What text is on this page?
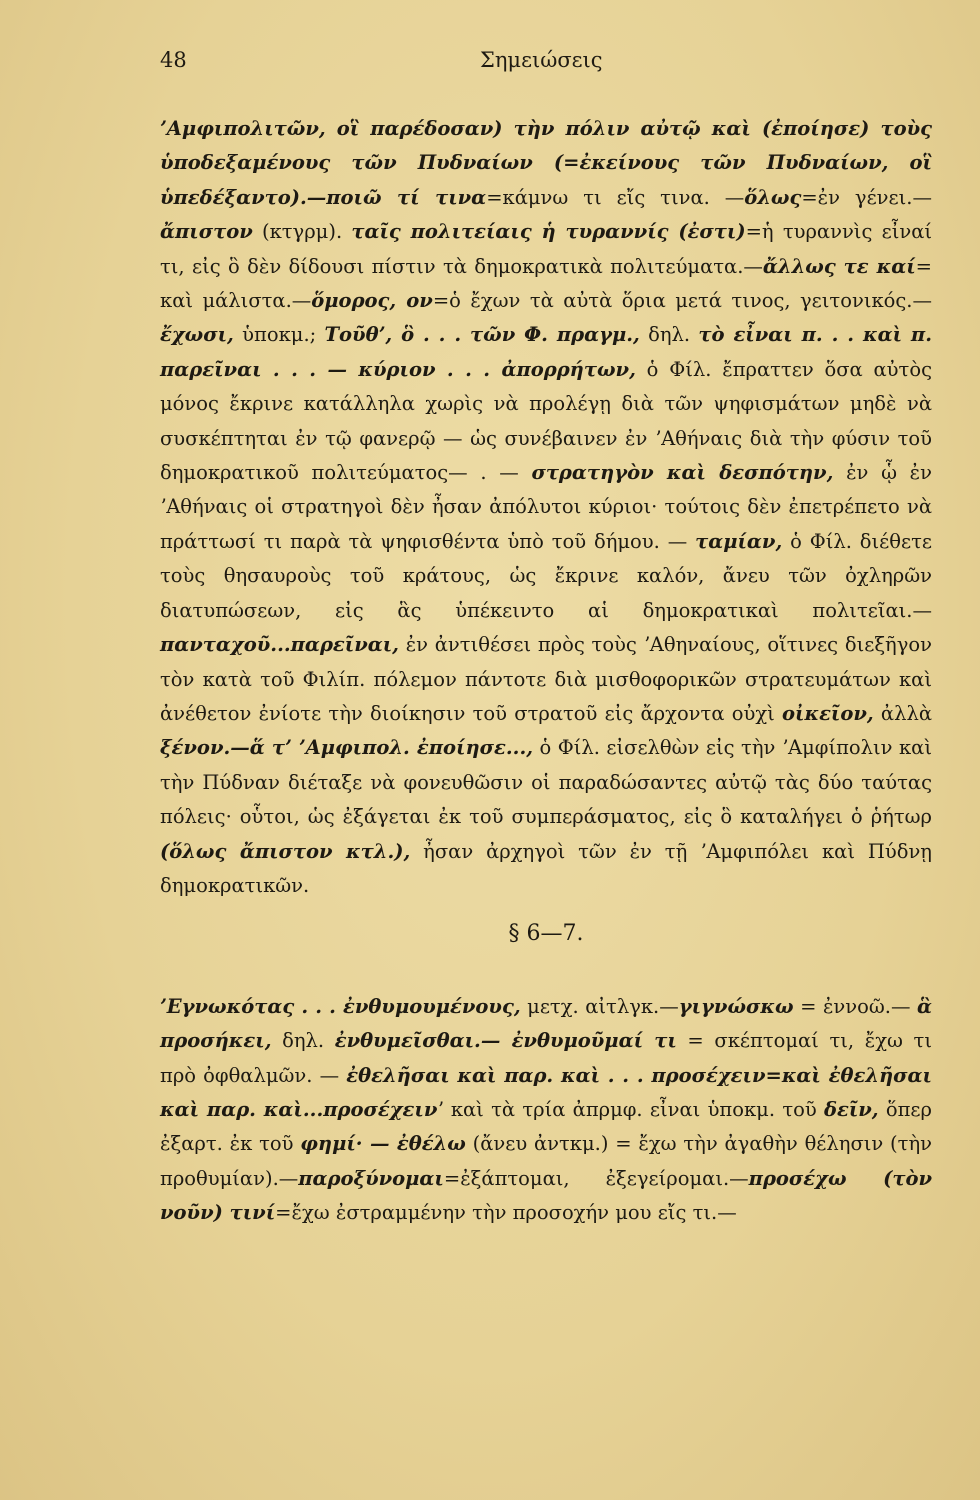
48	Σημειώσεις

ʼΑμφιπολιτῶν, οἳ παρέδοσαν) τὴν πόλιν αὐτῷ καὶ (ἐποίησε) τοὺς ὑποδεξαμένους τῶν Πυδναίων (=ἐκείνους τῶν Πυδναίων, οἳ ὑπεδέξαντο).—ποιῶ τί τινα=κάμνω τι εἴς τινα. —ὅλως=ἐν γένει.—ἄπιστον (κτγρμ). ταῖς πολιτείαις ἡ τυραννίς (ἐστι)=ἡ τυραννὶς εἶναί τι, εἰς ὃ δὲν δίδουσι πίστιν τὰ δημοκρατικὰ πολιτεύματα.—ἄλλως τε καί= καὶ μάλιστα.—ὅμορος, ον=ὁ ἔχων τὰ αὐτὰ ὅρια μετά τινος, γειτονικός.—ἔχωσι, ὑποκμ.; Τοῦθʼ, ὃ . . . τῶν Φ. πραγμ., δηλ. τὸ εἶναι π. . . καὶ π. παρεῖναι . . . — κύριον . . . ἀπορρήτων, ὁ Φίλ. ἔπραττεν ὅσα αὐτὸς μόνος ἔκρινε κατάλληλα χωρὶς νὰ προλέγῃ διὰ τῶν ψηφισμάτων μηδὲ νὰ συσκέπτηται ἐν τῷ φανερῷ — ὡς συνέβαινεν ἐν ʼΑθήναις διὰ τὴν φύσιν τοῦ δημοκρατικοῦ πολιτεύματος— . — στρατηγὸν καὶ δεσπότην, ἐν ᾧ ἐν ʼΑθήναις οἱ στρατηγοὶ δὲν ἦσαν ἀπόλυτοι κύριοι· τούτοις δὲν ἐπετρέπετο νὰ πράττωσί τι παρὰ τὰ ψηφισθέντα ὑπὸ τοῦ δήμου. — ταμίαν, ὁ Φίλ. διέθετε τοὺς θησαυροὺς τοῦ κράτους, ὡς ἔκρινε καλόν, ἄνευ τῶν ὀχληρῶν διατυπώσεων, εἰς ἃς ὑπέκειντο αἱ δημοκρατικαὶ πολιτεῖαι.—πανταχοῦ...παρεῖναι, ἐν ἀντιθέσει πρὸς τοὺς ʼΑθηναίους, οἵτινες διεξῆγον τὸν κατὰ τοῦ Φιλίπ. πόλεμον πάντοτε διὰ μισθοφορικῶν στρατευμάτων καὶ ἀνέθετον ἐνίοτε τὴν διοίκησιν τοῦ στρατοῦ εἰς ἄρχοντα οὐχὶ οἰκεῖον, ἀλλὰ ξένον.—ἅ τʼ ʼΑμφιπολ. ἐποίησε..., ὁ Φίλ. εἰσελθὼν εἰς τὴν ʼΑμφίπολιν καὶ τὴν Πύδναν διέταξε νὰ φονευθῶσιν οἱ παραδώσαντες αὐτῷ τὰς δύο ταύτας πόλεις· οὗτοι, ὡς ἐξάγεται ἐκ τοῦ συμπεράσματος, εἰς ὃ καταλήγει ὁ ῥήτωρ (ὅλως ἄπιστον κτλ.), ἦσαν ἀρχηγοὶ τῶν ἐν τῇ ʼΑμφιπόλει καὶ Πύδνῃ δημοκρατικῶν.

§ 6—7.

ʼΕγνωκότας . . . ἐνθυμουμένους, μετχ. αἰτλγκ.—γιγνώσκω = ἐννοῶ.— ἃ προσήκει, δηλ. ἐνθυμεῖσθαι.— ἐνθυμοῦμαί τι = σκέπτομαί τι, ἔχω τι πρὸ ὀφθαλμῶν. — ἐθελῆσαι καὶ παρ. καὶ . . . προσέχειν=καὶ ἐθελῆσαι καὶ παρ. καὶ...προσέχεινʼ καὶ τὰ τρία ἀπρμφ. εἶναι ὑποκμ. τοῦ δεῖν, ὅπερ ἐξαρτ. ἐκ τοῦ φημί· — ἐθέλω (ἄνευ ἀντκμ.) = ἔχω τὴν ἀγαθὴν θέλησιν (τὴν προθυμίαν).—παροξύνομαι=ἐξάπτομαι, ἐξεγείρομαι.—προσέχω (τὸν νοῦν) τινί=ἔχω ἐστραμμένην τὴν προσοχήν μου εἴς τι.—
